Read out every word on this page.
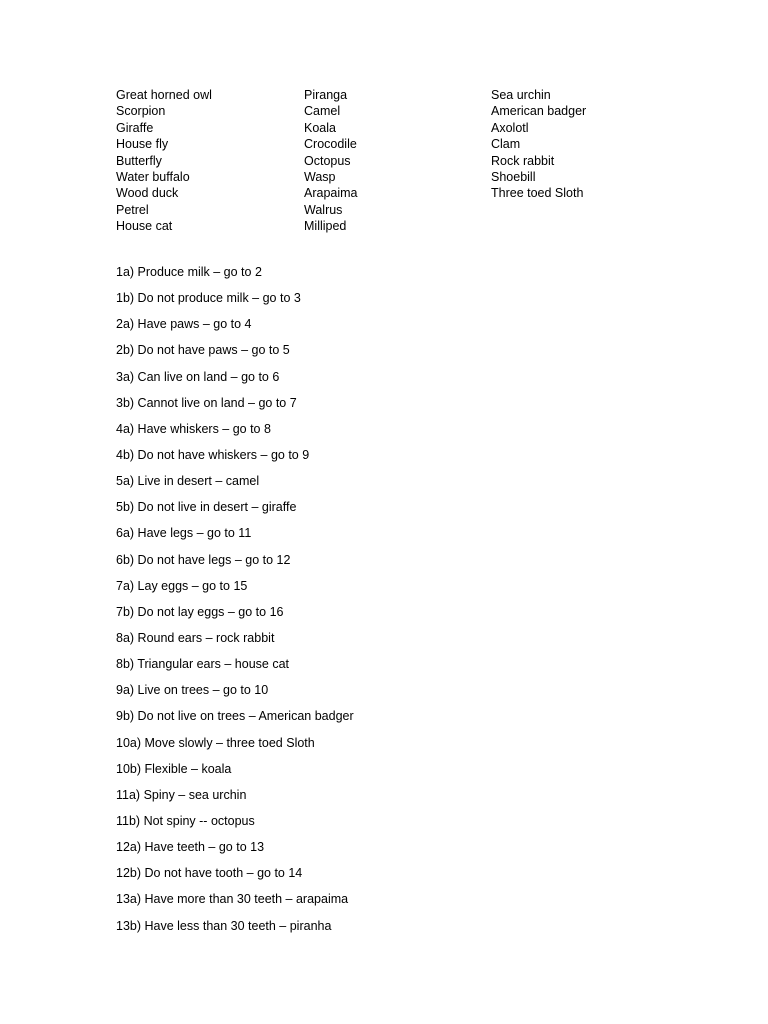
Great horned owl
Scorpion
Giraffe
House fly
Butterfly
Water buffalo
Wood duck
Petrel
House cat
Piranga
Camel
Koala
Crocodile
Octopus
Wasp
Arapaima
Walrus
Milliped
Sea urchin
American badger
Axolotl
Clam
Rock rabbit
Shoebill
Three toed Sloth
1a) Produce milk – go to 2
1b) Do not produce milk – go to 3
2a) Have paws – go to 4
2b) Do not have paws – go to 5
3a) Can live on land – go to 6
3b) Cannot live on land – go to 7
4a) Have whiskers – go to 8
4b) Do not have whiskers – go to 9
5a) Live in desert – camel
5b) Do not live in desert – giraffe
6a) Have legs – go to 11
6b) Do not have legs – go to 12
7a) Lay eggs – go to 15
7b) Do not lay eggs – go to 16
8a) Round ears – rock rabbit
8b) Triangular ears – house cat
9a) Live on trees – go to 10
9b) Do not live on trees – American badger
10a) Move slowly – three toed Sloth
10b) Flexible – koala
11a) Spiny – sea urchin
11b) Not spiny -- octopus
12a) Have teeth – go to 13
12b) Do not have tooth – go to 14
13a) Have more than 30 teeth – arapaima
13b) Have less than 30 teeth – piranha
